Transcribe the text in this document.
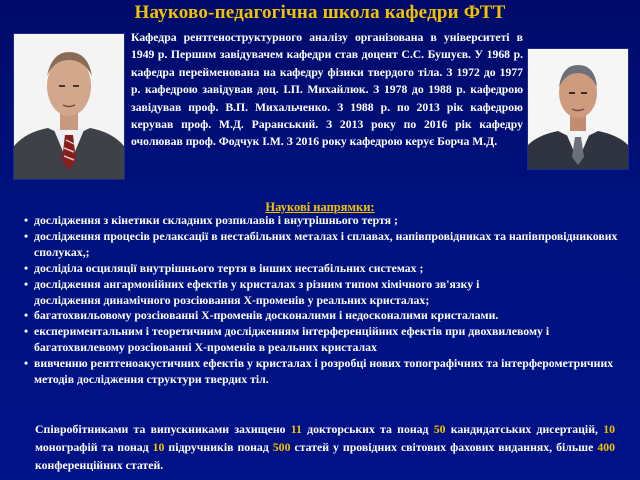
Науково-педагогічна школа кафедри ФТТ

Кафедра рентгеноструктурного аналізу організована в університеті в 1949 р. Першим завідувачем кафедри став доцент С.С. Бушуєв. У 1968 р. кафедра перейменована на кафедру фізики твердого тіла. З 1972 до 1977 р. кафедрою завідував доц. І.П. Михайлюк. З 1978 до 1988 р. кафедрою завідував проф. В.П. Михальченко. З 1988 р. по 2013 рік кафедрою керував проф. М.Д. Раранський. З 2013 року по 2016 рік кафедру очолював проф. Фодчук І.М. З 2016 року кафедрою керує Борча М.Д.

Наукові напрямки:

• дослідження з кінетики складних розпилавів і внутрішнього тертя ;
• дослідження процесів релаксації в нестабільних металах і сплавах, напівпровідниках та напівпровідникових сполуках,;
• досліділа осциляції внутрішнього тертя в інших нестабільних системах ;
• дослідження ангармонійних ефектів у кристалах з різним типом хімічного зв'язку і
дослідження динамічного розсіювання Х-променів у реальних кристалах;
• багатохвильовому розсіюванні Х-променів досконалими і недосконалими кристалами.
• експериментальним і теоретичним дослідженням інтерференційних ефектів при двохвилевому і багатохвилевому розсіюванні Х-променів в реальних кристалах
• вивченню рентгеноакустичних ефектів у кристалах і розробці нових топографічних та інтерферометричних методів дослідження структури твердих тіл.

Співробітниками та випускниками захищено 11 докторських та понад 50 кандидатських дисертацій, 10 монографій та понад 10 підручників понад 500 статей у провідних світових фахових виданнях, більше 400 конференційних статей.
